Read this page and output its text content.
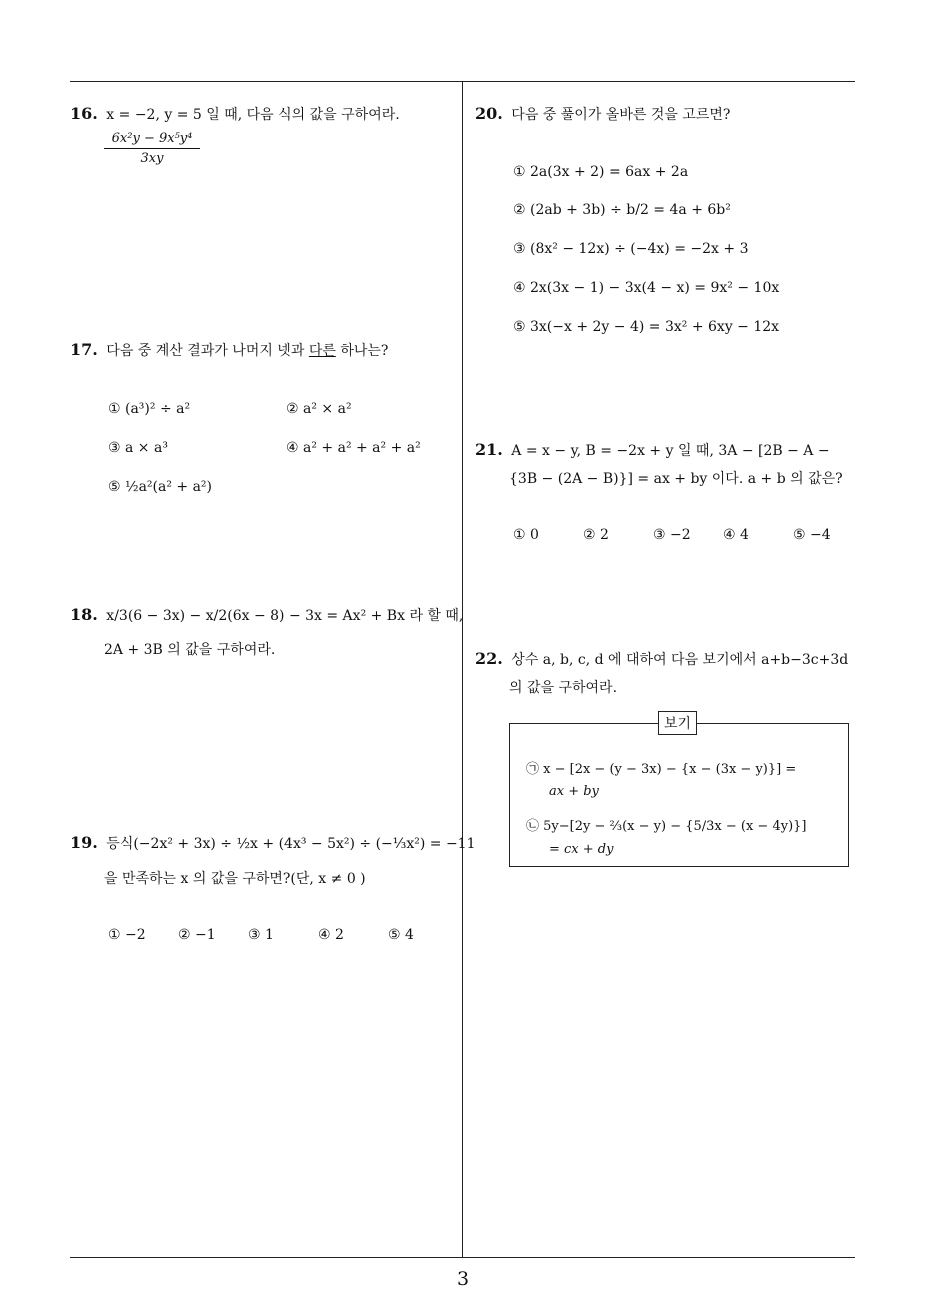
16. x = −2, y = 5 일 때, 다음 식의 값을 구하여라.
$\frac{\text{6x²y − 9x⁵y⁴}}{3xy}$
17. 다음 중 계산 결과가 나머지 넷과 다른 하나는?
① (a³)² ÷ a²	② a² × a²
③ a × a³	④ a² + a² + a² + a²
⑤ ½a²(a² + a²)
18. x/3(6 − 3x) − x/2(6x − 8) − 3x = Ax² + Bx 라 할 때,
2A + 3B 의 값을 구하여라.
19. 등식(−2x² + 3x) ÷ ½x + (4x³ − 5x²) ÷ (−⅓x²) = −11
을 만족하는 x 의 값을 구하면?(단, x ≠ 0 )
① −2 ② −1 ③ 1	④ 2	⑤ 4
20. 다음 중 풀이가 올바른 것을 고르면?
① 2a(3x + 2) = 6ax + 2a
② (2ab + 3b) ÷ b/2 = 4a + 6b²
③ (8x² − 12x) ÷ (−4x) = −2x + 3
④ 2x(3x − 1) − 3x(4 − x) = 9x² − 10x
⑤ 3x(−x + 2y − 4) = 3x² + 6xy − 12x
21. A = x − y, B = −2x + y 일 때, 3A − [2B − A −
{3B − (2A − B)}] = ax + by 이다. a + b 의 값은?
① 0	② 2	③ −2 ④ 4	⑤ −4
22. 상수 a, b, c, d 에 대하여 다음 보기에서 a+b−3c+3d
의 값을 구하여라.
보기
㉠ x − [2x − (y − 3x) − {x − (3x − y)}] =
ax + by
㉡ 5y−[2y − ⅔(x − y) − {5/3x − (x − 4y)}]
= cx + dy
3
